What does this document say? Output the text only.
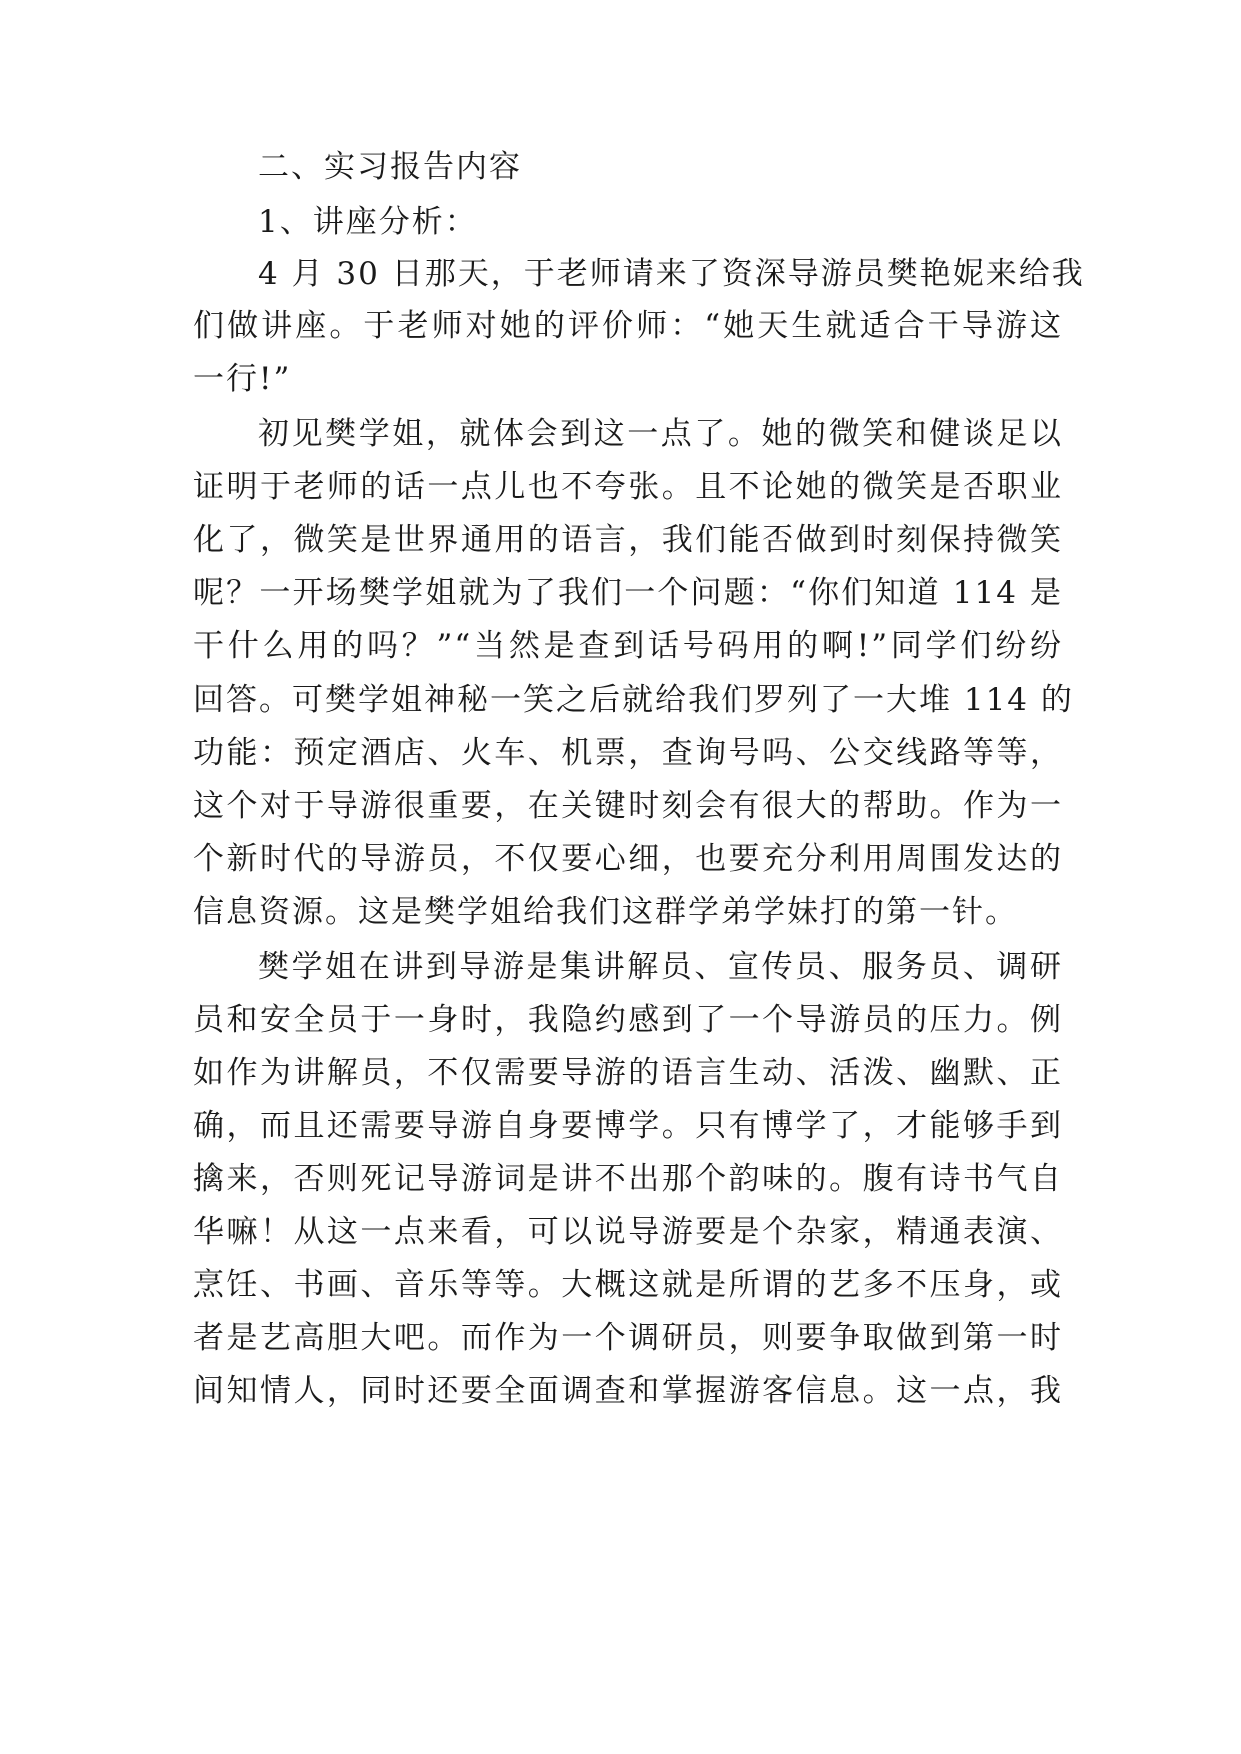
二、实习报告内容
1、讲座分析：
4 月 30 日那天，于老师请来了资深导游员樊艳妮来给我
们做讲座。于老师对她的评价师：“她天生就适合干导游这
一行!”
初见樊学姐，就体会到这一点了。她的微笑和健谈足以
证明于老师的话一点儿也不夸张。且不论她的微笑是否职业
化了，微笑是世界通用的语言，我们能否做到时刻保持微笑
呢？一开场樊学姐就为了我们一个问题：“你们知道 114 是
干什么用的吗？”“当然是查到话号码用的啊!”同学们纷纷
回答。可樊学姐神秘一笑之后就给我们罗列了一大堆 114 的
功能：预定酒店、火车、机票，查询号吗、公交线路等等，
这个对于导游很重要，在关键时刻会有很大的帮助。作为一
个新时代的导游员，不仅要心细，也要充分利用周围发达的
信息资源。这是樊学姐给我们这群学弟学妹打的第一针。
樊学姐在讲到导游是集讲解员、宣传员、服务员、调研
员和安全员于一身时，我隐约感到了一个导游员的压力。例
如作为讲解员，不仅需要导游的语言生动、活泼、幽默、正
确，而且还需要导游自身要博学。只有博学了，才能够手到
擒来，否则死记导游词是讲不出那个韵味的。腹有诗书气自
华嘛！从这一点来看，可以说导游要是个杂家，精通表演、
烹饪、书画、音乐等等。大概这就是所谓的艺多不压身，或
者是艺高胆大吧。而作为一个调研员，则要争取做到第一时
间知情人，同时还要全面调查和掌握游客信息。这一点，我
